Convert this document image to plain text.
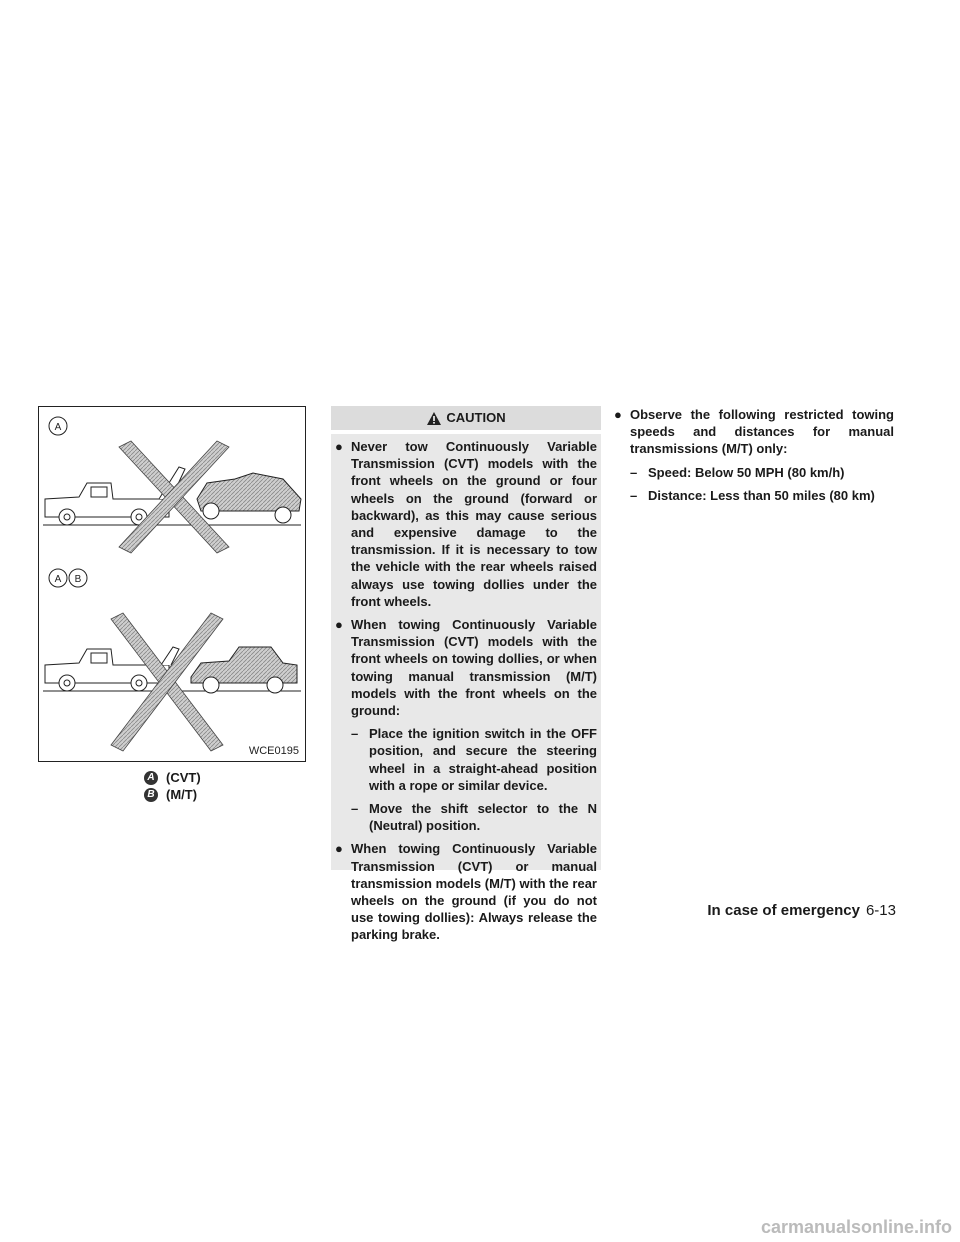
A
A B
WCE0195
A (CVT)
B (M/T)
CAUTION
● Never tow Continuously Variable Transmission (CVT) models with the front wheels on the ground or four wheels on the ground (forward or backward), as this may cause serious and expensive damage to the transmission. If it is necessary to tow the vehicle with the rear wheels raised always use towing dollies under the front wheels.
● When towing Continuously Variable Transmission (CVT) models with the front wheels on towing dollies, or when towing manual transmission (M/T) models with the front wheels on the ground:
– Place the ignition switch in the OFF position, and secure the steering wheel in a straight-ahead position with a rope or similar device.
– Move the shift selector to the N (Neutral) position.
● When towing Continuously Variable Transmission (CVT) or manual transmission models (M/T) with the rear wheels on the ground (if you do not use towing dollies): Always release the parking brake.
● Observe the following restricted towing speeds and distances for manual transmissions (M/T) only:
– Speed: Below 50 MPH (80 km/h)
– Distance: Less than 50 miles (80 km)
In case of emergency 6-13
carmanualsonline.info
